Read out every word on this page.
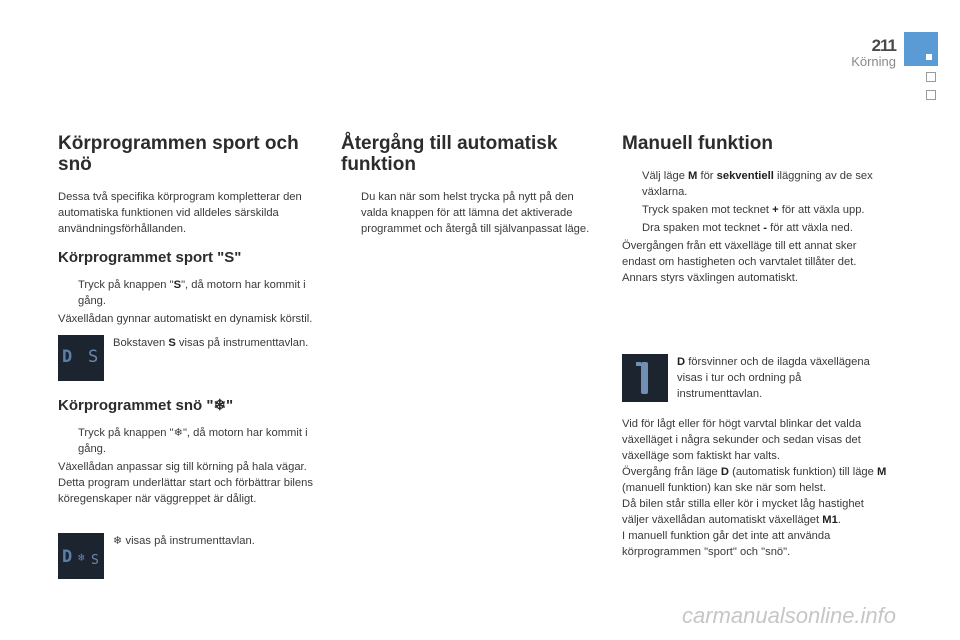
211
Körning
Körprogrammen sport och snö

Dessa två specifika körprogram kompletterar den automatiska funktionen vid alldeles särskilda användningsförhållanden.

Körprogrammet sport "S"
Tryck på knappen "S", då motorn har kommit i gång.

Växellådan gynnar automatiskt en dynamisk körstil.

D S
Bokstaven S visas på instrumenttavlan.
Körprogrammet snö "❄"
Tryck på knappen "❄", då motorn har kommit i gång.

Växellådan anpassar sig till körning på hala vägar.

Detta program underlättar start och förbättrar bilens köregenskaper när väggreppet är dåligt.

D ❄ S
❄ visas på instrumenttavlan.
Återgång till automatisk funktion
Du kan när som helst trycka på nytt på den valda knappen för att lämna det aktiverade programmet och återgå till självanpassat läge.
Manuell funktion
Välj läge M för sekventiell iläggning av de sex växlarna.
Tryck spaken mot tecknet + för att växla upp.
Dra spaken mot tecknet - för att växla ned.

Övergången från ett växelläge till ett annat sker endast om hastigheten och varvtalet tillåter det.

Annars styrs växlingen automatiskt.

D försvinner och de ilagda växellägena visas i tur och ordning på instrumenttavlan.

Vid för lågt eller för högt varvtal blinkar det valda växelläget i några sekunder och sedan visas det växelläge som faktiskt har valts.

Övergång från läge D (automatisk funktion) till läge M (manuell funktion) kan ske när som helst.

Då bilen står stilla eller kör i mycket låg hastighet väljer växellådan automatiskt växelläget M1.

I manuell funktion går det inte att använda körprogrammen "sport" och "snö".

carmanualsonline.info
